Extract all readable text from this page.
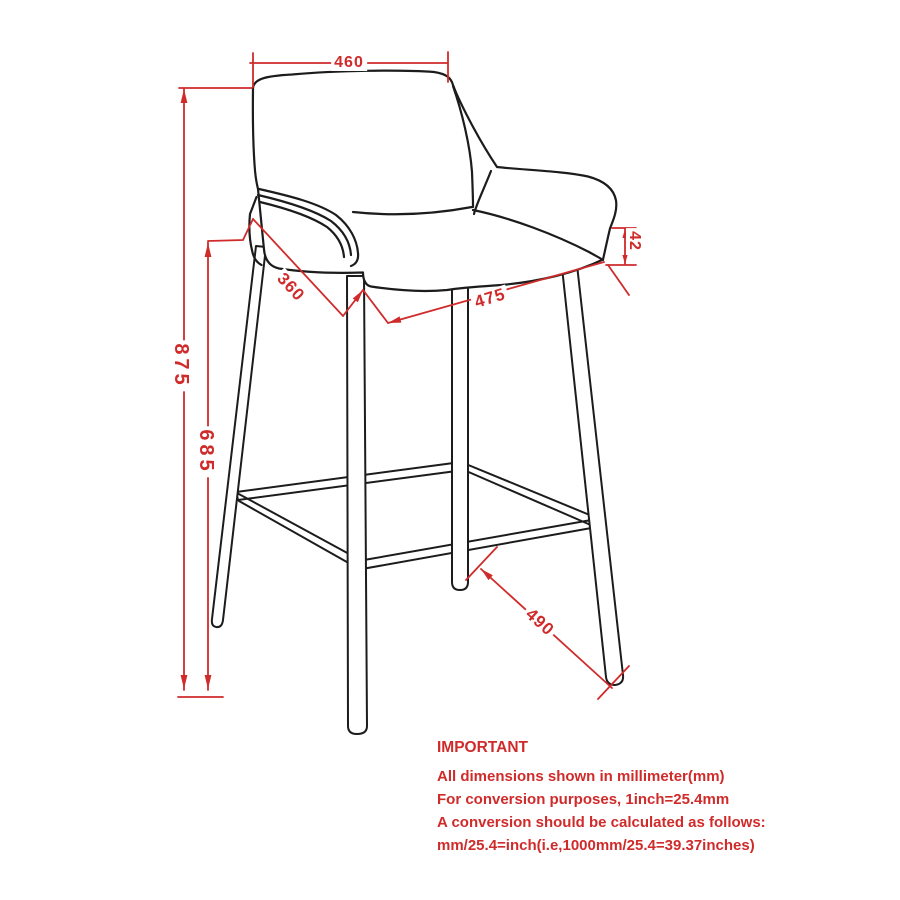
460
875
685
360	475
42
490

IMPORTANT

All dimensions shown in millimeter(mm)

For conversion purposes, 1inch=25.4mm

A conversion should be calculated as follows:

mm/25.4=inch(i.e,1000mm/25.4=39.37inches)
